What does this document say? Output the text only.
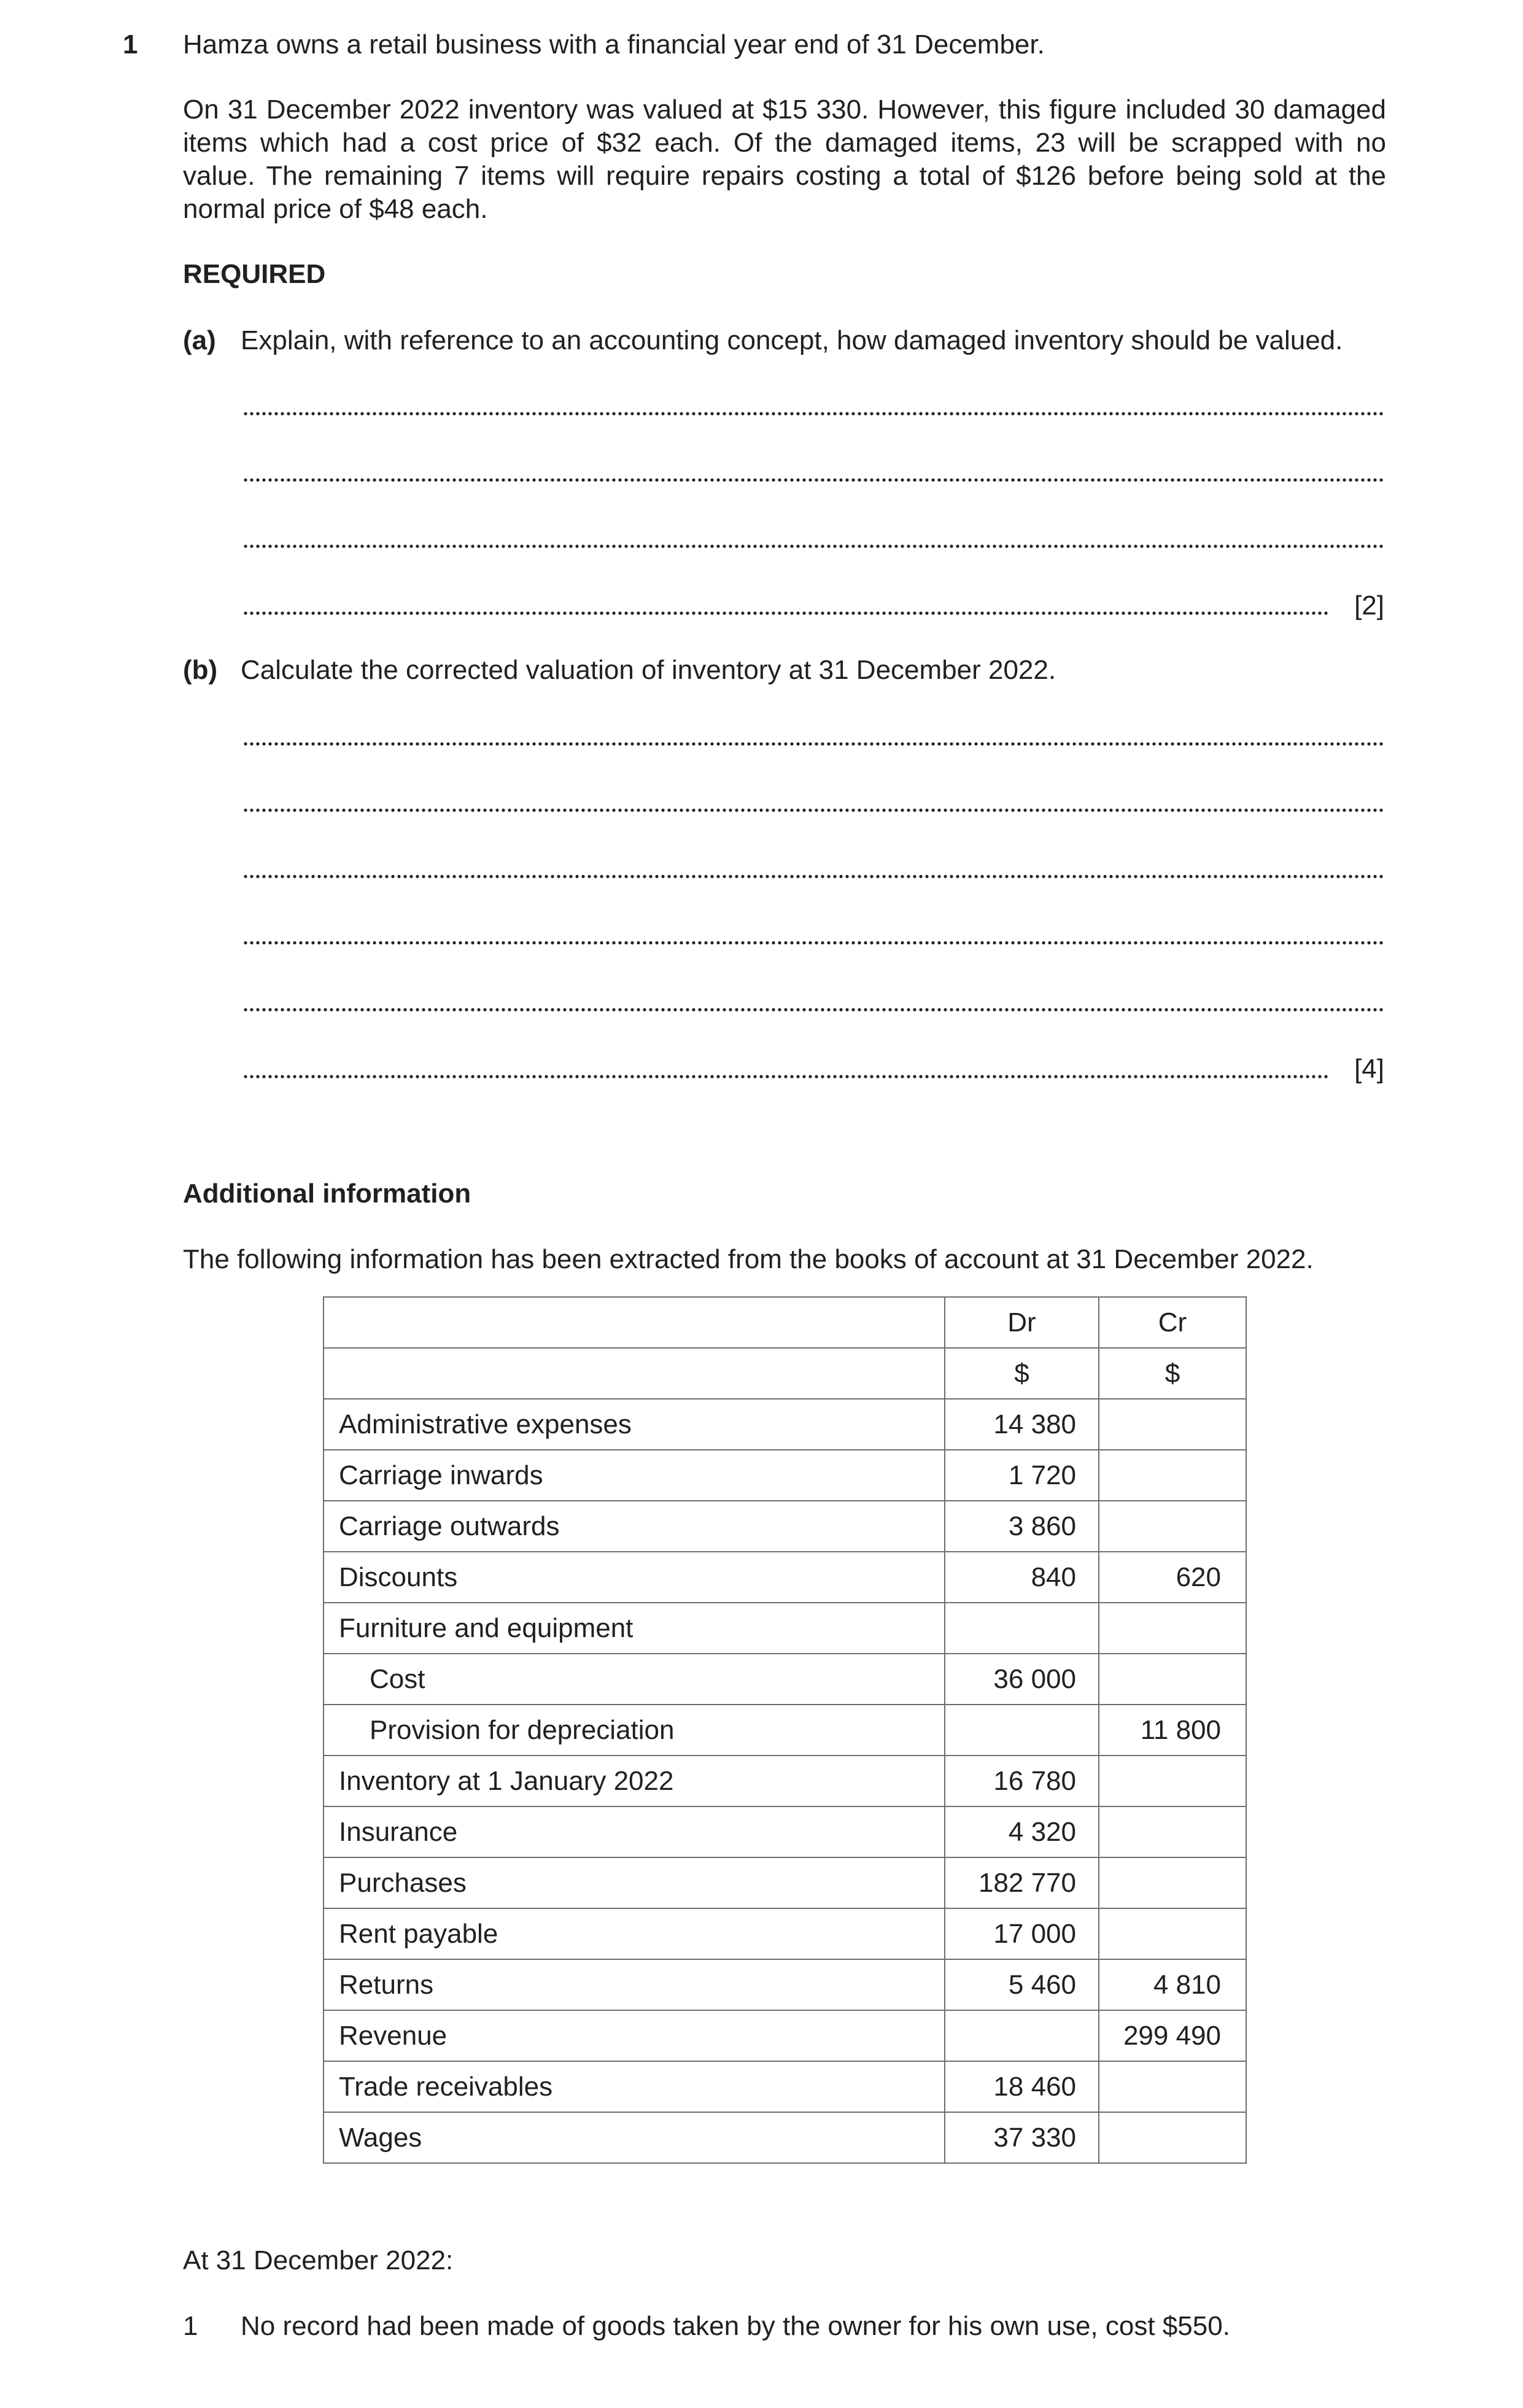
1 Hamza owns a retail business with a financial year end of 31 December.
On 31 December 2022 inventory was valued at $15 330. However, this figure included 30 damaged
items which had a cost price of $32 each. Of the damaged items, 23 will be scrapped with no
value. The remaining 7 items will require repairs costing a total of $126 before being sold at the
normal price of $48 each.
REQUIRED
(a) Explain, with reference to an accounting concept, how damaged inventory should be valued.
[2]
(b) Calculate the corrected valuation of inventory at 31 December 2022.
[4]
Additional information
The following information has been extracted from the books of account at 31 December 2022.
	Dr	Cr
	$	$
Administrative expenses	14 380	
Carriage inwards	1 720	
Carriage outwards	3 860	
Discounts	840	620
Furniture and equipment		
Cost	36 000	
Provision for depreciation		11 800
Inventory at 1 January 2022	16 780	
Insurance	4 320	
Purchases	182 770	
Rent payable	17 000	
Returns	5 460	4 810
Revenue		299 490
Trade receivables	18 460	
Wages	37 330	
At 31 December 2022:
1 No record had been made of goods taken by the owner for his own use, cost $550.
